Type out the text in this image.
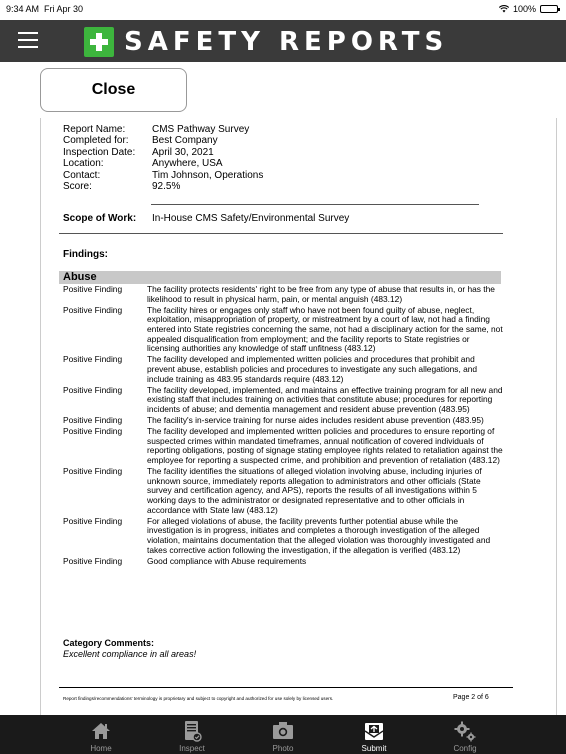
9:34 AM Fri Apr 30	100%
SAFETY REPORTS
Close
Report Name:	CMS Pathway Survey
Completed for:	Best Company
Inspection Date:	April 30, 2021
Location:	Anywhere, USA
Contact:	Tim Johnson, Operations
Score:	92.5%
Scope of Work:	In-House CMS Safety/Environmental Survey
Findings:
Abuse
Positive Finding	The facility protects residents' right to be free from any type of abuse that results in, or has the likelihood to result in physical harm, pain, or mental anguish (483.12)
Positive Finding	The facility hires or engages only staff who have not been found guilty of abuse, neglect, exploitation, misappropriation of property, or mistreatment by a court of law, not had a finding entered into State registries concerning the same, not had a disciplinary action for the same, not appealed disqualification from employment; and the facility reports to State registries or licensing authorities any knowledge of staff unfitness (483.12)
Positive Finding	The facility developed and implemented written policies and procedures that prohibit and prevent abuse, establish policies and procedures to investigate any such allegations, and include training as 483.95 standards require (483.12)
Positive Finding	The facility developed, implemented, and maintains an effective training program for all new and existing staff that includes training on activities that constitute abuse; procedures for reporting incidents of abuse; and dementia management and resident abuse prevention (483.95)
Positive Finding	The facility's in-service training for nurse aides includes resident abuse prevention (483.95)
Positive Finding	The facility developed and implemented written policies and procedures to ensure reporting of suspected crimes within mandated timeframes, annual notification of covered individuals of reporting obligations, posting of signage stating employee rights related to retaliation against the employee for reporting a suspected crime, and prohibition and prevention of retaliation (483.12)
Positive Finding	The facility identifies the situations of alleged violation involving abuse, including injuries of unknown source, immediately reports allegation to administrators and other officials (State survey and certification agency, and APS), reports the results of all investigations within 5 working days to the administrator or designated representative and to other officials in accordance with State law (483.12)
Positive Finding	For alleged violations of abuse, the facility prevents further potential abuse while the investigation is in progress, initiates and completes a thorough investigation of the alleged violation, maintains documentation that the alleged violation was thoroughly investigated and takes corrective action following the investigation, if the allegation is verified (483.12)
Positive Finding	Good compliance with Abuse requirements
Category Comments:
Excellent compliance in all areas!
Report findings/recommendations' terminology is proprietary and subject to copyright and authorized for use solely by licensed users.	Page 2 of 6
Home	Inspect	Photo	Submit	Config
